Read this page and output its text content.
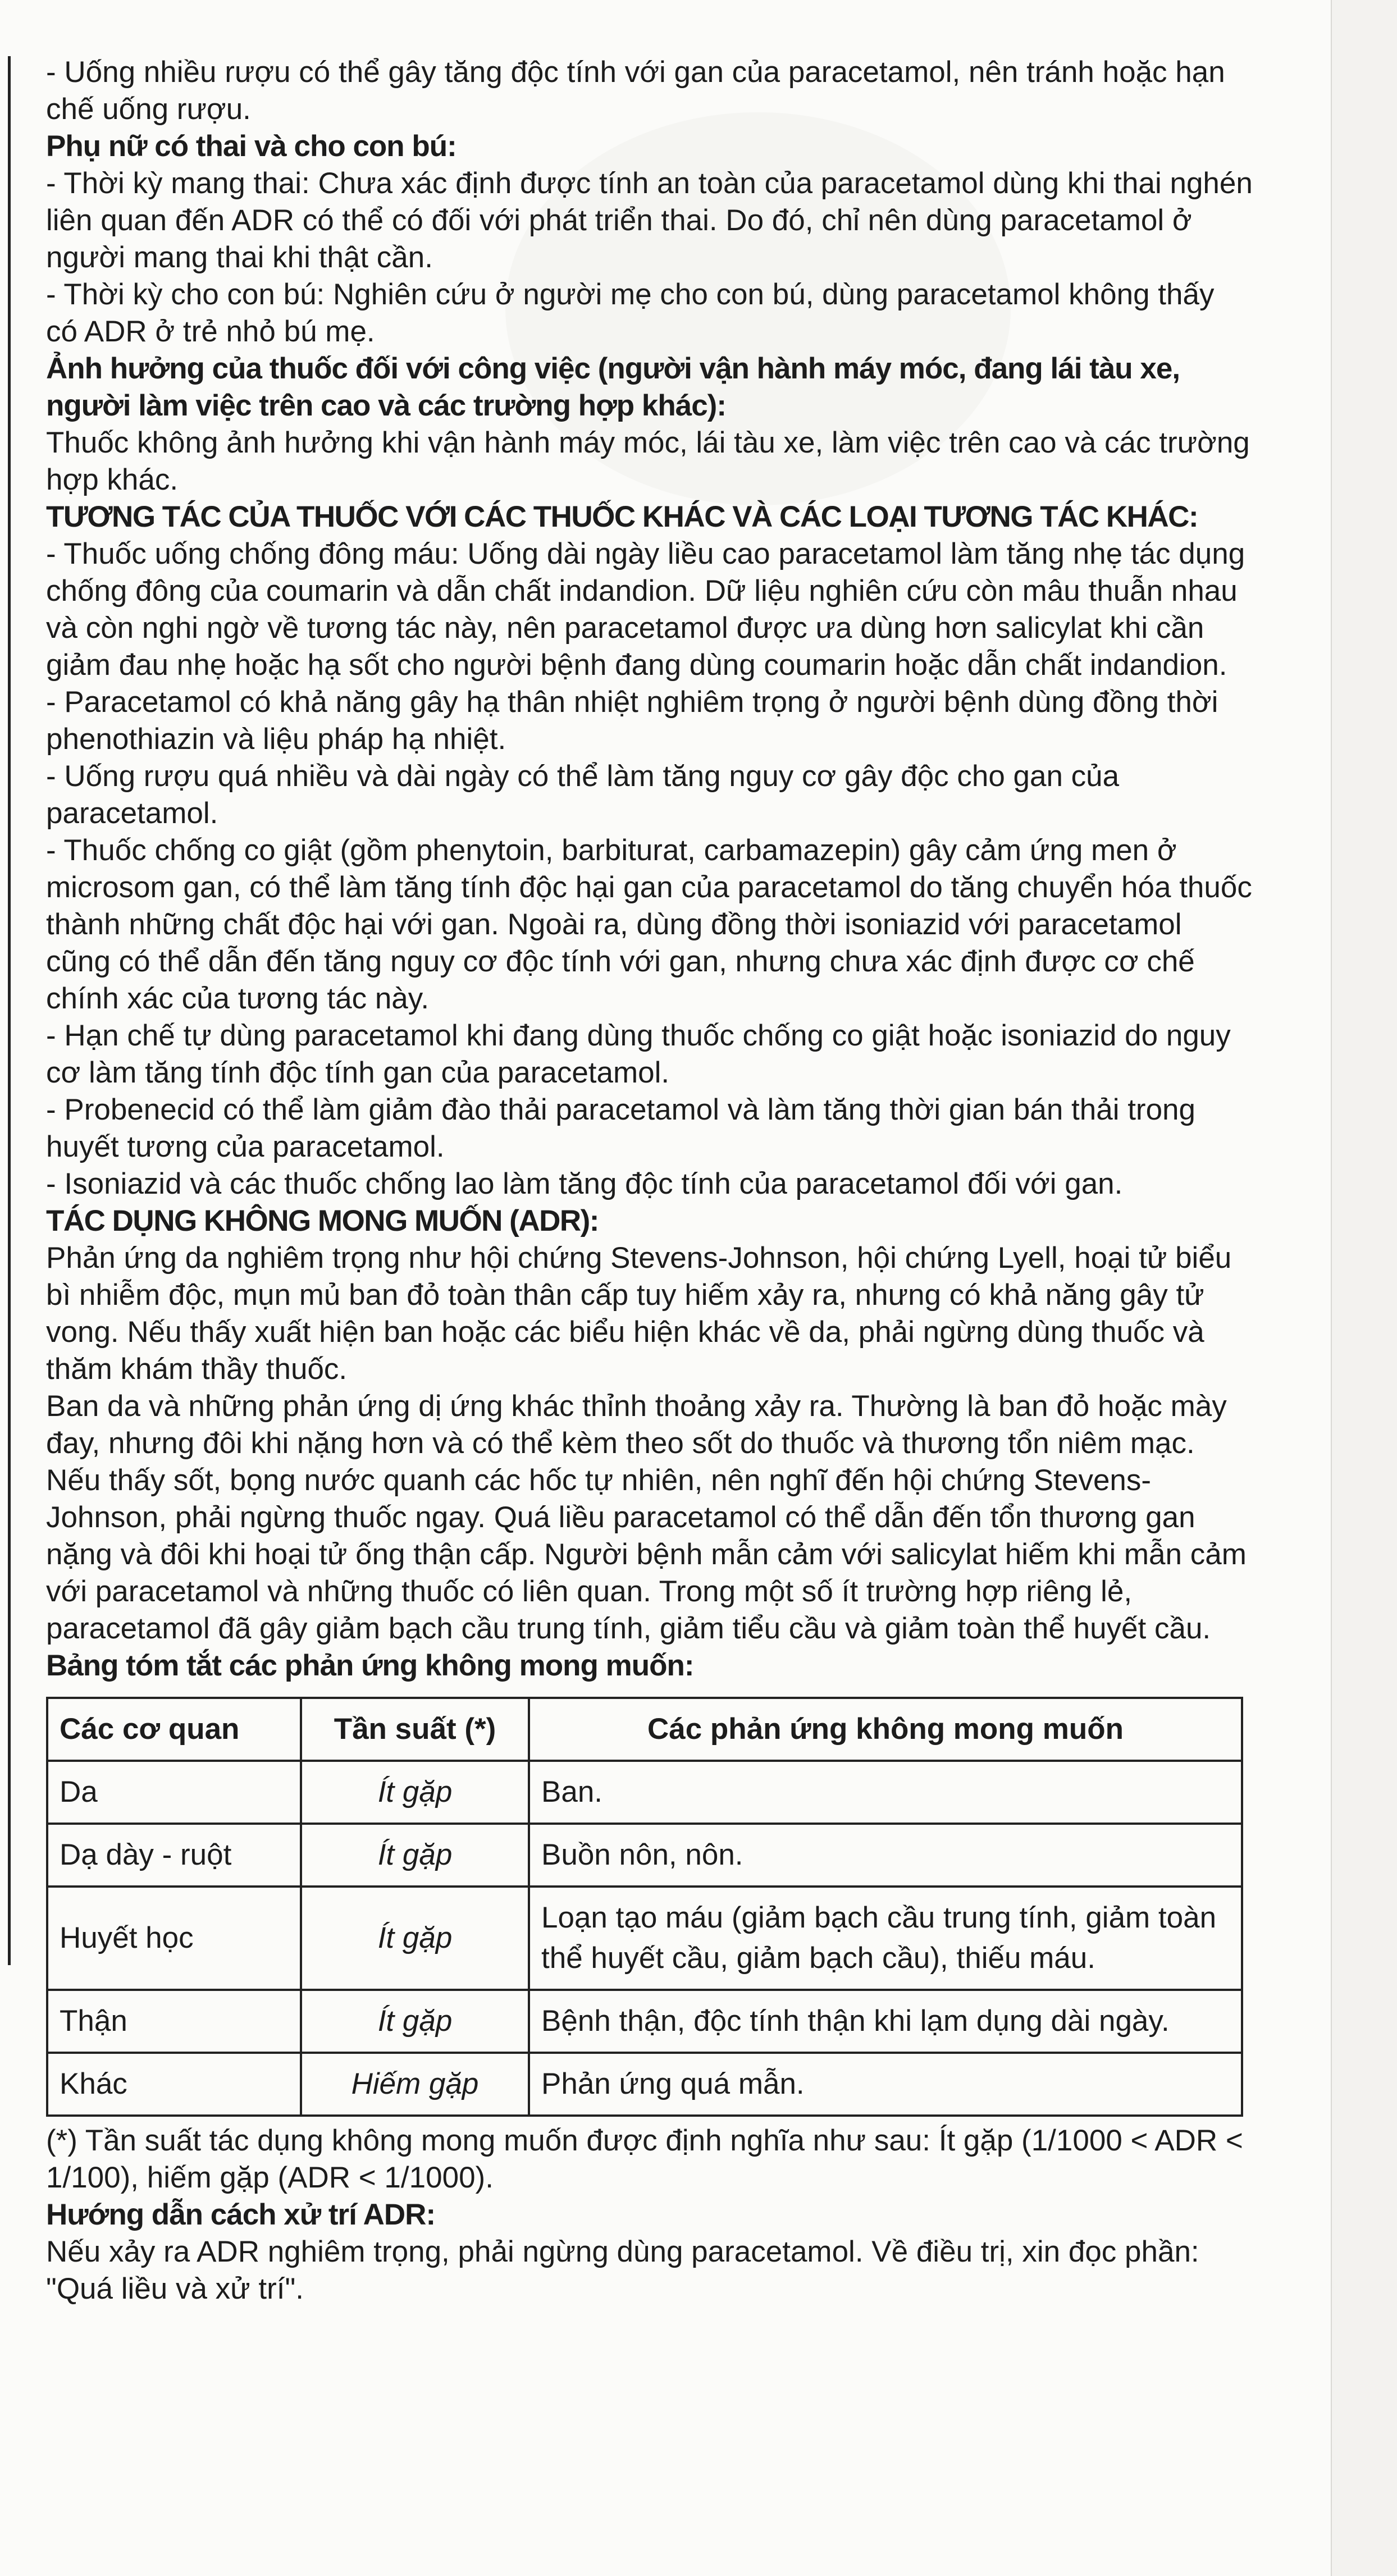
- Uống nhiều rượu có thể gây tăng độc tính với gan của paracetamol, nên tránh hoặc hạn chế uống rượu.

Phụ nữ có thai và cho con bú:

- Thời kỳ mang thai: Chưa xác định được tính an toàn của paracetamol dùng khi thai nghén liên quan đến ADR có thể có đối với phát triển thai. Do đó, chỉ nên dùng paracetamol ở người mang thai khi thật cần.

- Thời kỳ cho con bú: Nghiên cứu ở người mẹ cho con bú, dùng paracetamol không thấy có ADR ở trẻ nhỏ bú mẹ.

Ảnh hưởng của thuốc đối với công việc (người vận hành máy móc, đang lái tàu xe, người làm việc trên cao và các trường hợp khác):

Thuốc không ảnh hưởng khi vận hành máy móc, lái tàu xe, làm việc trên cao và các trường hợp khác.

TƯƠNG TÁC CỦA THUỐC VỚI CÁC THUỐC KHÁC VÀ CÁC LOẠI TƯƠNG TÁC KHÁC:

- Thuốc uống chống đông máu: Uống dài ngày liều cao paracetamol làm tăng nhẹ tác dụng chống đông của coumarin và dẫn chất indandion. Dữ liệu nghiên cứu còn mâu thuẫn nhau và còn nghi ngờ về tương tác này, nên paracetamol được ưa dùng hơn salicylat khi cần giảm đau nhẹ hoặc hạ sốt cho người bệnh đang dùng coumarin hoặc dẫn chất indandion.

- Paracetamol có khả năng gây hạ thân nhiệt nghiêm trọng ở người bệnh dùng đồng thời phenothiazin và liệu pháp hạ nhiệt.

- Uống rượu quá nhiều và dài ngày có thể làm tăng nguy cơ gây độc cho gan của paracetamol.

- Thuốc chống co giật (gồm phenytoin, barbiturat, carbamazepin) gây cảm ứng men ở microsom gan, có thể làm tăng tính độc hại gan của paracetamol do tăng chuyển hóa thuốc thành những chất độc hại với gan. Ngoài ra, dùng đồng thời isoniazid với paracetamol cũng có thể dẫn đến tăng nguy cơ độc tính với gan, nhưng chưa xác định được cơ chế chính xác của tương tác này.

- Hạn chế tự dùng paracetamol khi đang dùng thuốc chống co giật hoặc isoniazid do nguy cơ làm tăng tính độc tính gan của paracetamol.

- Probenecid có thể làm giảm đào thải paracetamol và làm tăng thời gian bán thải trong huyết tương của paracetamol.

- Isoniazid và các thuốc chống lao làm tăng độc tính của paracetamol đối với gan.

TÁC DỤNG KHÔNG MONG MUỐN (ADR):

Phản ứng da nghiêm trọng như hội chứng Stevens-Johnson, hội chứng Lyell, hoại tử biểu bì nhiễm độc, mụn mủ ban đỏ toàn thân cấp tuy hiếm xảy ra, nhưng có khả năng gây tử vong. Nếu thấy xuất hiện ban hoặc các biểu hiện khác về da, phải ngừng dùng thuốc và thăm khám thầy thuốc.

Ban da và những phản ứng dị ứng khác thỉnh thoảng xảy ra. Thường là ban đỏ hoặc mày đay, nhưng đôi khi nặng hơn và có thể kèm theo sốt do thuốc và thương tổn niêm mạc. Nếu thấy sốt, bọng nước quanh các hốc tự nhiên, nên nghĩ đến hội chứng Stevens-Johnson, phải ngừng thuốc ngay. Quá liều paracetamol có thể dẫn đến tổn thương gan nặng và đôi khi hoại tử ống thận cấp. Người bệnh mẫn cảm với salicylat hiếm khi mẫn cảm với paracetamol và những thuốc có liên quan. Trong một số ít trường hợp riêng lẻ, paracetamol đã gây giảm bạch cầu trung tính, giảm tiểu cầu và giảm toàn thể huyết cầu.

Bảng tóm tắt các phản ứng không mong muốn:

Các cơ quan	Tần suất (*)	Các phản ứng không mong muốn
Da	Ít gặp	Ban.
Dạ dày - ruột	Ít gặp	Buồn nôn, nôn.
Huyết học	Ít gặp	Loạn tạo máu (giảm bạch cầu trung tính, giảm toàn thể huyết cầu, giảm bạch cầu), thiếu máu.
Thận	Ít gặp	Bệnh thận, độc tính thận khi lạm dụng dài ngày.
Khác	Hiếm gặp	Phản ứng quá mẫn.

(*) Tần suất tác dụng không mong muốn được định nghĩa như sau: Ít gặp (1/1000 < ADR < 1/100), hiếm gặp (ADR < 1/1000).

Hướng dẫn cách xử trí ADR:

Nếu xảy ra ADR nghiêm trọng, phải ngừng dùng paracetamol. Về điều trị, xin đọc phần: "Quá liều và xử trí".
